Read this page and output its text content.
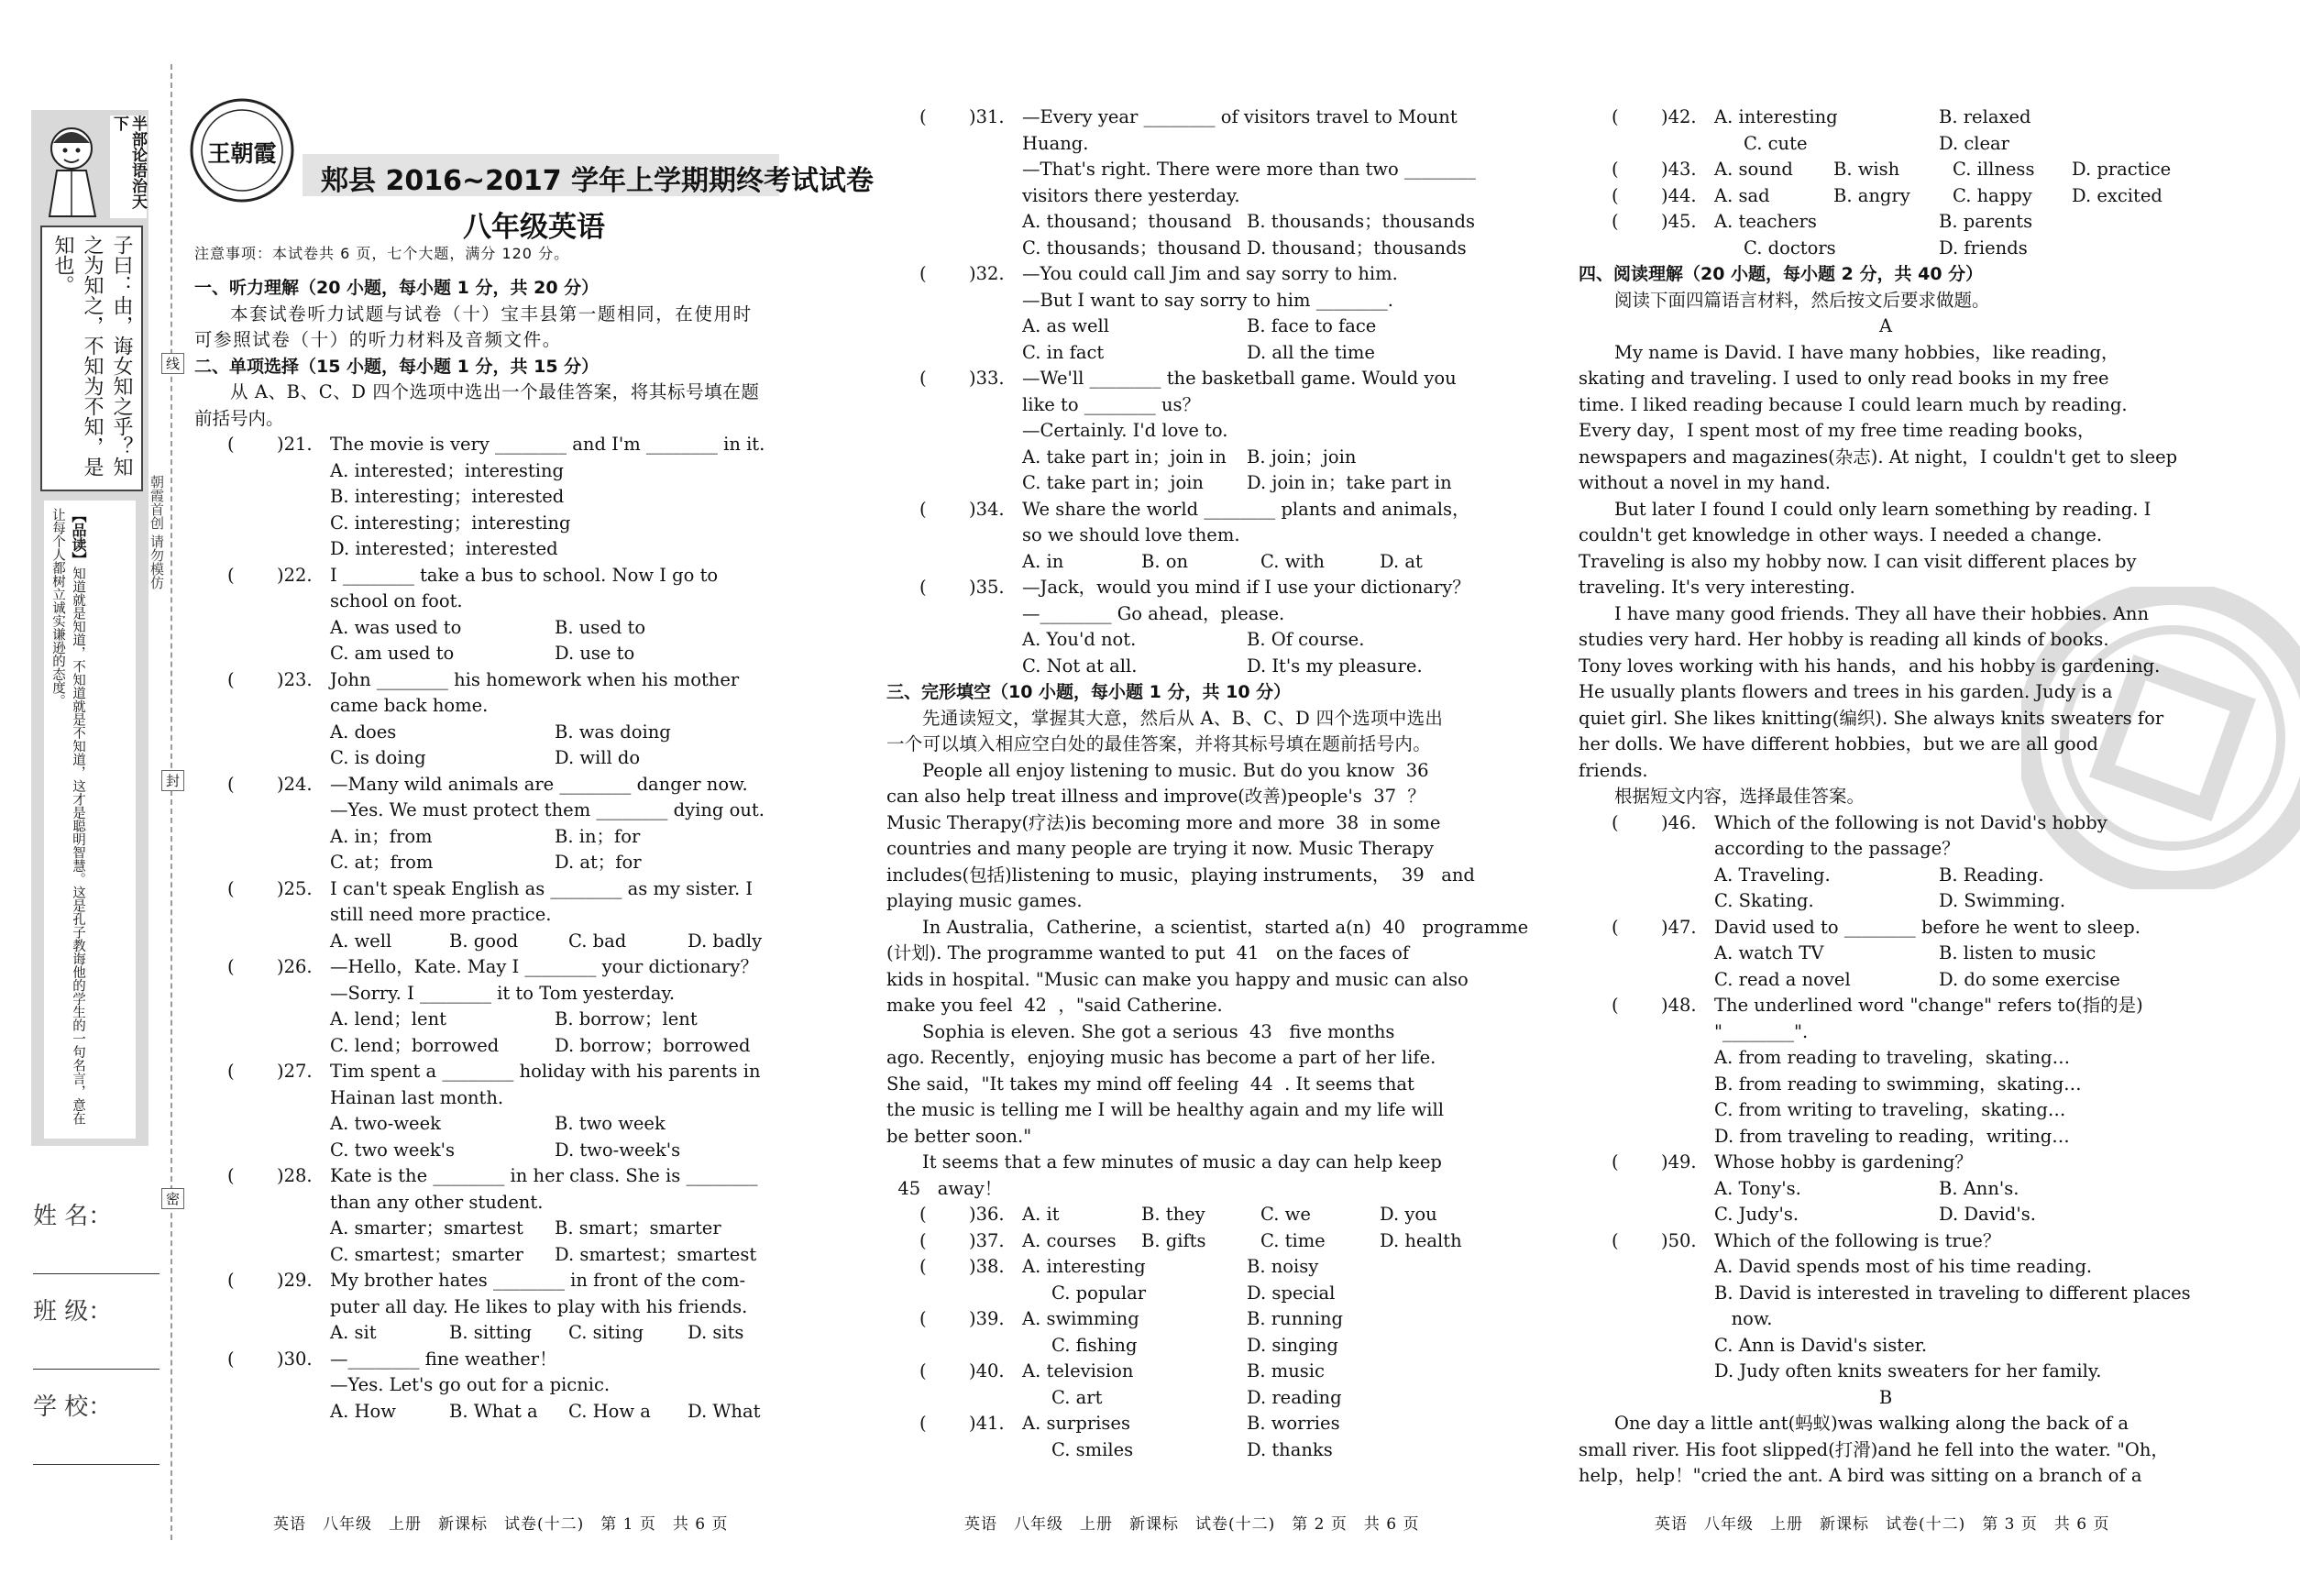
半部论语治天下
子曰：由，诲女知之乎？知之为知之，不知为不知，是知也。
【品读】知道就是知道，不知道就是不知道，这才是聪明智慧。这是孔子教诲他的学生的一句名言，意在让每个人都树立诚实谦逊的态度。
线
封
密
朝霞首创 请勿模仿
姓 名：
班 级：
学 校：
王朝霞
郏县 2016~2017 学年上学期期终考试试卷
八年级英语
注意事项：本试卷共 6 页，七个大题，满分 120 分。
一、听力理解（20 小题，每小题 1 分，共 20 分）
本套试卷听力试题与试卷（十）宝丰县第一题相同，在使用时
可参照试卷（十）的听力材料及音频文件。
二、单项选择（15 小题，每小题 1 分，共 15 分）
从 A、B、C、D 四个选项中选出一个最佳答案，将其标号填在题
前括号内。
( )21. The movie is very ________ and I'm ________ in it.
A. interested；interesting
B. interesting；interested
C. interesting；interesting
D. interested；interested
( )22. I ________ take a bus to school. Now I go to
school on foot.
A. was used to	B. used to
C. am used to	D. use to
( )23. John ________ his homework when his mother
came back home.
A. does	B. was doing
C. is doing	D. will do
( )24. —Many wild animals are ________ danger now.
—Yes. We must protect them ________ dying out.
A. in；from	B. in；for
C. at；from	D. at；for
( )25. I can't speak English as ________ as my sister. I
still need more practice.
A. well	B. good	C. bad	D. badly
( )26. —Hello，Kate. May I ________ your dictionary？
—Sorry. I ________ it to Tom yesterday.
A. lend；lent	B. borrow；lent
C. lend；borrowed	D. borrow；borrowed
( )27. Tim spent a ________ holiday with his parents in
Hainan last month.
A. two-week	B. two week
C. two week's	D. two-week's
( )28. Kate is the ________ in her class. She is ________
than any other student.
A. smarter；smartest B. smart；smarter
C. smartest；smarter D. smartest；smartest
( )29. My brother hates ________ in front of the com-
puter all day. He likes to play with his friends.
A. sit	B. sitting C. siting D. sits
( )30. —________ fine weather！
—Yes. Let's go out for a picnic.
A. How	B. What a C. How a D. What
( )31. —Every year ________ of visitors travel to Mount
Huang.
—That's right. There were more than two ________
visitors there yesterday.
A. thousand；thousand B. thousands；thousands
C. thousands；thousand D. thousand；thousands
( )32. —You could call Jim and say sorry to him.
—But I want to say sorry to him ________.
A. as well	B. face to face
C. in fact	D. all the time
( )33. —We'll ________ the basketball game. Would you
like to ________ us？
—Certainly. I'd love to.
A. take part in；join in B. join；join
C. take part in；join D. join in；take part in
( )34. We share the world ________ plants and animals，
so we should love them.
A. in	B. on	C. with	D. at
( )35. —Jack，would you mind if I use your dictionary？
—________ Go ahead，please.
A. You'd not.	B. Of course.
C. Not at all.	D. It's my pleasure.
三、完形填空（10 小题，每小题 1 分，共 10 分）
先通读短文，掌握其大意，然后从 A、B、C、D 四个选项中选出
一个可以填入相应空白处的最佳答案，并将其标号填在题前括号内。
People all enjoy listening to music. But do you know  36
can also help treat illness and improve(改善)people's  37  ？
Music Therapy(疗法)is becoming more and more  38  in some
countries and many people are trying it now. Music Therapy
includes(包括)listening to music，playing instruments，  39   and
playing music games.
In Australia，Catherine，a scientist，started a(n)  40   programme
(计划). The programme wanted to put  41   on the faces of
kids in hospital. "Music can make you happy and music can also
make you feel  42  ，"said Catherine.
Sophia is eleven. She got a serious  43   five months
ago. Recently，enjoying music has become a part of her life.
She said，"It takes my mind off feeling  44  . It seems that
the music is telling me I will be healthy again and my life will
be better soon."
It seems that a few minutes of music a day can help keep
45   away！
( )36. A. it	B. they	C. we	D. you
( )37. A. courses B. gifts	C. time	D. health
( )38. A. interesting	B. noisy
C. popular	D. special
( )39. A. swimming	B. running
C. fishing	D. singing
( )40. A. television	B. music
C. art	D. reading
( )41. A. surprises	B. worries
C. smiles	D. thanks
( )42. A. interesting	B. relaxed
C. cute	D. clear
( )43. A. sound B. wish	C. illness D. practice
( )44. A. sad	B. angry C. happy D. excited
( )45. A. teachers	B. parents
C. doctors	D. friends
四、阅读理解（20 小题，每小题 2 分，共 40 分）
阅读下面四篇语言材料，然后按文后要求做题。
A
My name is David. I have many hobbies，like reading，
skating and traveling. I used to only read books in my free
time. I liked reading because I could learn much by reading.
Every day，I spent most of my free time reading books，
newspapers and magazines(杂志). At night，I couldn't get to sleep
without a novel in my hand.
But later I found I could only learn something by reading. I
couldn't get knowledge in other ways. I needed a change.
Traveling is also my hobby now. I can visit different places by
traveling. It's very interesting.
I have many good friends. They all have their hobbies. Ann
studies very hard. Her hobby is reading all kinds of books.
Tony loves working with his hands，and his hobby is gardening.
He usually plants flowers and trees in his garden. Judy is a
quiet girl. She likes knitting(编织). She always knits sweaters for
her dolls. We have different hobbies，but we are all good
friends.
根据短文内容，选择最佳答案。
( )46. Which of the following is not David's hobby
according to the passage？
A. Traveling.	B. Reading.
C. Skating.	D. Swimming.
( )47. David used to ________ before he went to sleep.
A. watch TV	B. listen to music
C. read a novel	D. do some exercise
( )48. The underlined word "change" refers to(指的是)
"________".
A. from reading to traveling，skating…
B. from reading to swimming，skating…
C. from writing to traveling，skating…
D. from traveling to reading，writing…
( )49. Whose hobby is gardening？
A. Tony's.	B. Ann's.
C. Judy's.	D. David's.
( )50. Which of the following is true？
A. David spends most of his time reading.
B. David is interested in traveling to different places
now.
C. Ann is David's sister.
D. Judy often knits sweaters for her family.
B
One day a little ant(蚂蚁)was walking along the back of a
small river. His foot slipped(打滑)and he fell into the water. "Oh，
help，help！"cried the ant. A bird was sitting on a branch of a
英语　八年级　上册　新课标　试卷(十二)　第 1 页　共 6 页	英语　八年级　上册　新课标　试卷(十二)　第 2 页　共 6 页	英语　八年级　上册　新课标　试卷(十二)　第 3 页　共 6 页
